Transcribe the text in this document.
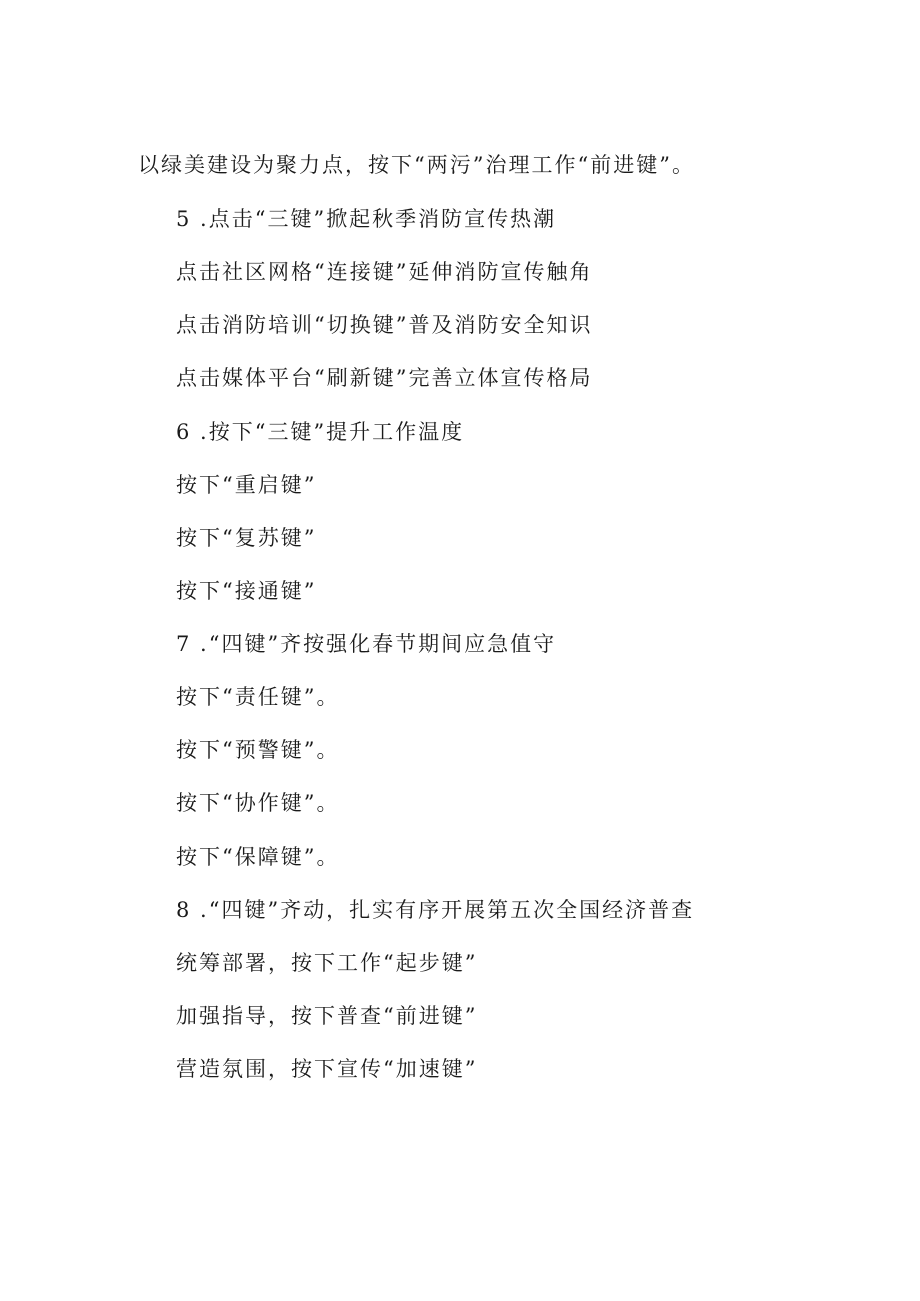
以绿美建设为聚力点，按下“两污”治理工作“前进键”。
5 .点击“三键”掀起秋季消防宣传热潮
点击社区网格“连接键”延伸消防宣传触角
点击消防培训“切换键”普及消防安全知识
点击媒体平台“刷新键”完善立体宣传格局
6 .按下“三键”提升工作温度
按下“重启键”
按下“复苏键”
按下“接通键”
7 .“四键”齐按强化春节期间应急值守
按下“责任键”。
按下“预警键”。
按下“协作键”。
按下“保障键”。
8 .“四键”齐动，扎实有序开展第五次全国经济普查
统筹部署，按下工作“起步键”
加强指导，按下普查“前进键”
营造氛围，按下宣传“加速键”
